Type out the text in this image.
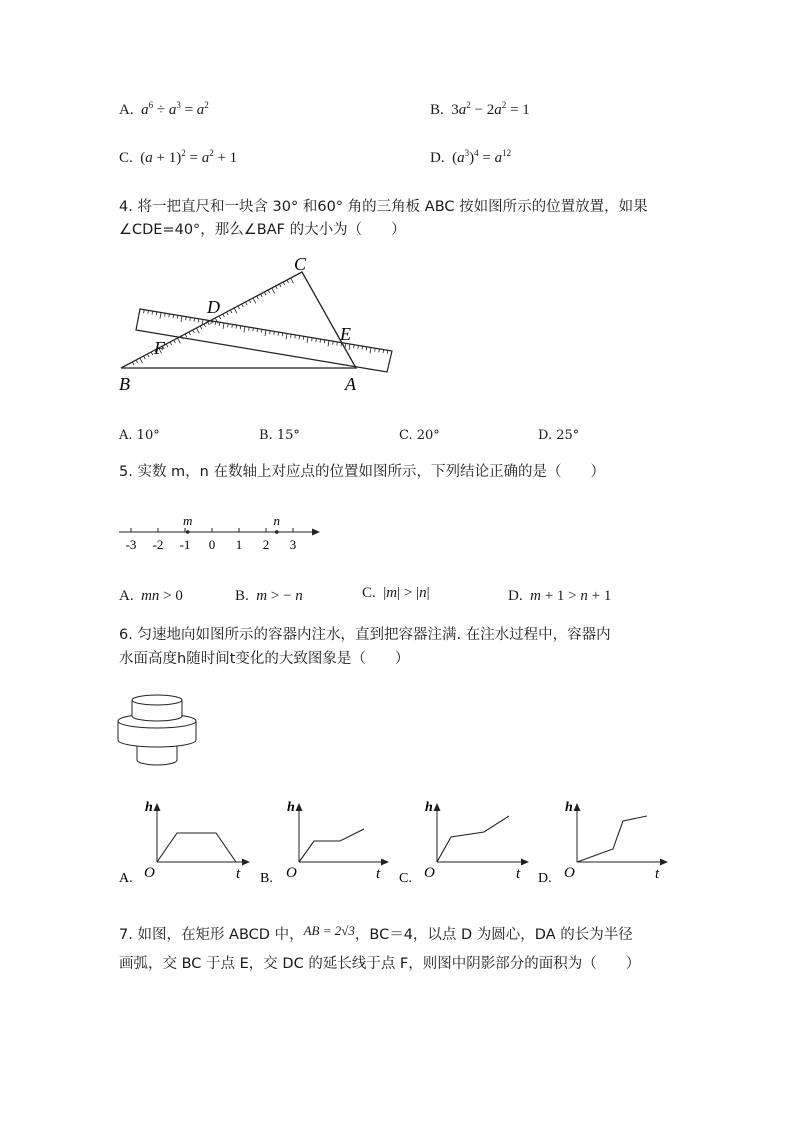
A. $a^6 \div a^3 = a^2$	B.  $3a^2 - 2a^2 = 1$
C.  $(a + 1)^2 = a^2 + 1$	D.  $(a^3)^4 = a^{12}$
4. 将一把直尺和一块含 30° 和60° 角的三角板 ABC 按如图所示的位置放置，如果
∠CDE=40°，那么∠BAF 的大小为（　　）
C
D
E
F
B	A
A. 10°	B. 15°	C. 20°	D. 25°
5. 实数 m，n 在数轴上对应点的位置如图所示，下列结论正确的是（　　）
-3 -2 -1 0 1 2 3
m	n
A. mn > 0	B. m > − n	C.  |m| > |n|	D. m + 1 > n + 1
6. 匀速地向如图所示的容器内注水，直到把容器注满. 在注水过程中，容器内
水面高度h随时间t变化的大致图象是（　　）
h
O	t
A.
h
O	t
B.
h
O	t
C.
h
O	t
D.
7. 如图，在矩形 ABCD 中，AB = 2√3，BC＝4，以点 D 为圆心，DA 的长为半径
画弧，交 BC 于点 E，交 DC 的延长线于点 F，则图中阴影部分的面积为（　　）
